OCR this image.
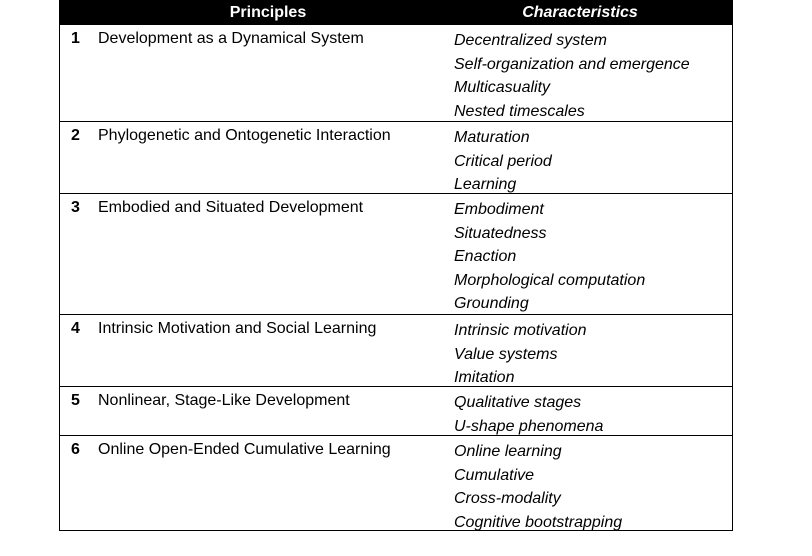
Principles	Characteristics
1 Development as a Dynamical System	Decentralized system
Self-organization and emergence
Multicasuality
Nested timescales
2 Phylogenetic and Ontogenetic Interaction	Maturation
Critical period
Learning
3 Embodied and Situated Development	Embodiment
Situatedness
Enaction
Morphological computation
Grounding
4 Intrinsic Motivation and Social Learning	Intrinsic motivation
Value systems
Imitation
5 Nonlinear, Stage-Like Development	Qualitative stages
U-shape phenomena
6 Online Open-Ended Cumulative Learning	Online learning
Cumulative
Cross-modality
Cognitive bootstrapping
